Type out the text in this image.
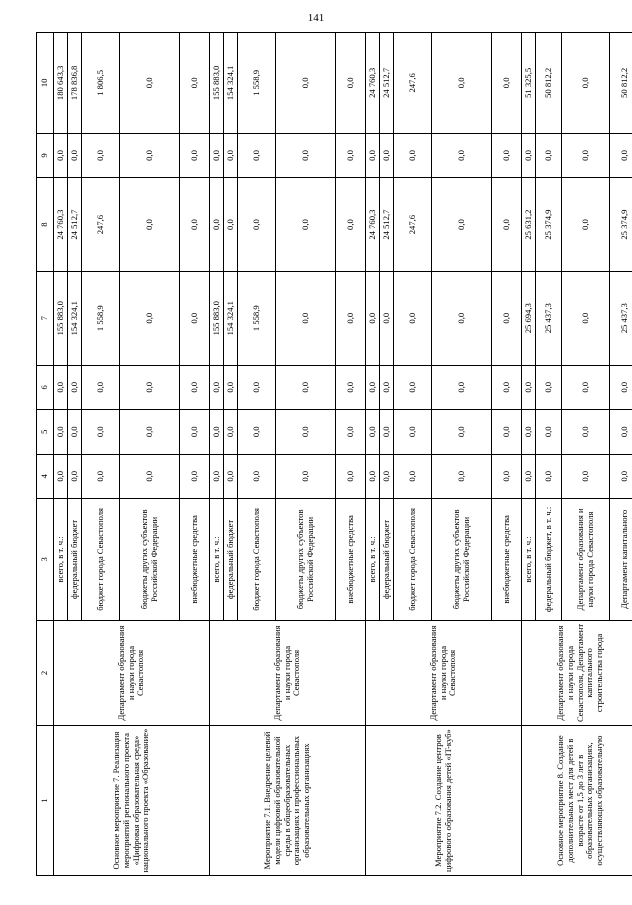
141
1	2	3	4	5	6	7	8	9	10
Основное мероприятие 7. Реализация мероприятий регионального проекта «Цифровая образовательная среда» национального проекта «Образование»	Департамент образования и науки города Севастополя	всего, в т. ч.:	0,0	0,0	0,0	155 883,0	24 760,3	0,0	180 643,3
		федеральный бюджет	0,0	0,0	0,0	154 324,1	24 512,7	0,0	178 836,8
		бюджет города Севастополя	0,0	0,0	0,0	1 558,9	247,6	0,0	1 806,5
		бюджеты других субъектов Российской Федерации	0,0	0,0	0,0	0,0	0,0	0,0	0,0
		внебюджетные средства	0,0	0,0	0,0	0,0	0,0	0,0	0,0
Мероприятие 7.1. Внедрение целевой модели цифровой образовательной среды в общеобразовательных организациях и профессиональных образовательных организациях	Департамент образования и науки города Севастополя	всего, в т. ч.:	0,0	0,0	0,0	155 883,0	0,0	0,0	155 883,0
		федеральный бюджет	0,0	0,0	0,0	154 324,1	0,0	0,0	154 324,1
		бюджет города Севастополя	0,0	0,0	0,0	1 558,9	0,0	0,0	1 558,9
		бюджеты других субъектов Российской Федерации	0,0	0,0	0,0	0,0	0,0	0,0	0,0
		внебюджетные средства	0,0	0,0	0,0	0,0	0,0	0,0	0,0
Мероприятие 7.2. Создание центров цифрового образования детей «IT-куб»	Департамент образования и науки города Севастополя	всего, в т. ч.:	0,0	0,0	0,0	0,0	24 760,3	0,0	24 760,3
		федеральный бюджет	0,0	0,0	0,0	0,0	24 512,7	0,0	24 512,7
		бюджет города Севастополя	0,0	0,0	0,0	0,0	247,6	0,0	247,6
		бюджеты других субъектов Российской Федерации	0,0	0,0	0,0	0,0	0,0	0,0	0,0
		внебюджетные средства	0,0	0,0	0,0	0,0	0,0	0,0	0,0
Основное мероприятие 8. Создание дополнительных мест для детей в возрасте от 1,5 до 3 лет в образовательных организациях, осуществляющих образовательную	Департамент образования и науки города Севастополя, Департамент капитального строительства города	всего, в т. ч.:	0,0	0,0	0,0	25 694,3	25 631,2	0,0	51 325,5
		федеральный бюджет, в т. ч.:	0,0	0,0	0,0	25 437,3	25 374,9	0,0	50 812,2
		Департамент образования и науки города Севастополя	0,0	0,0	0,0	0,0	0,0	0,0	0,0
		Департамент капитального	0,0	0,0	0,0	25 437,3	25 374,9	0,0	50 812,2
